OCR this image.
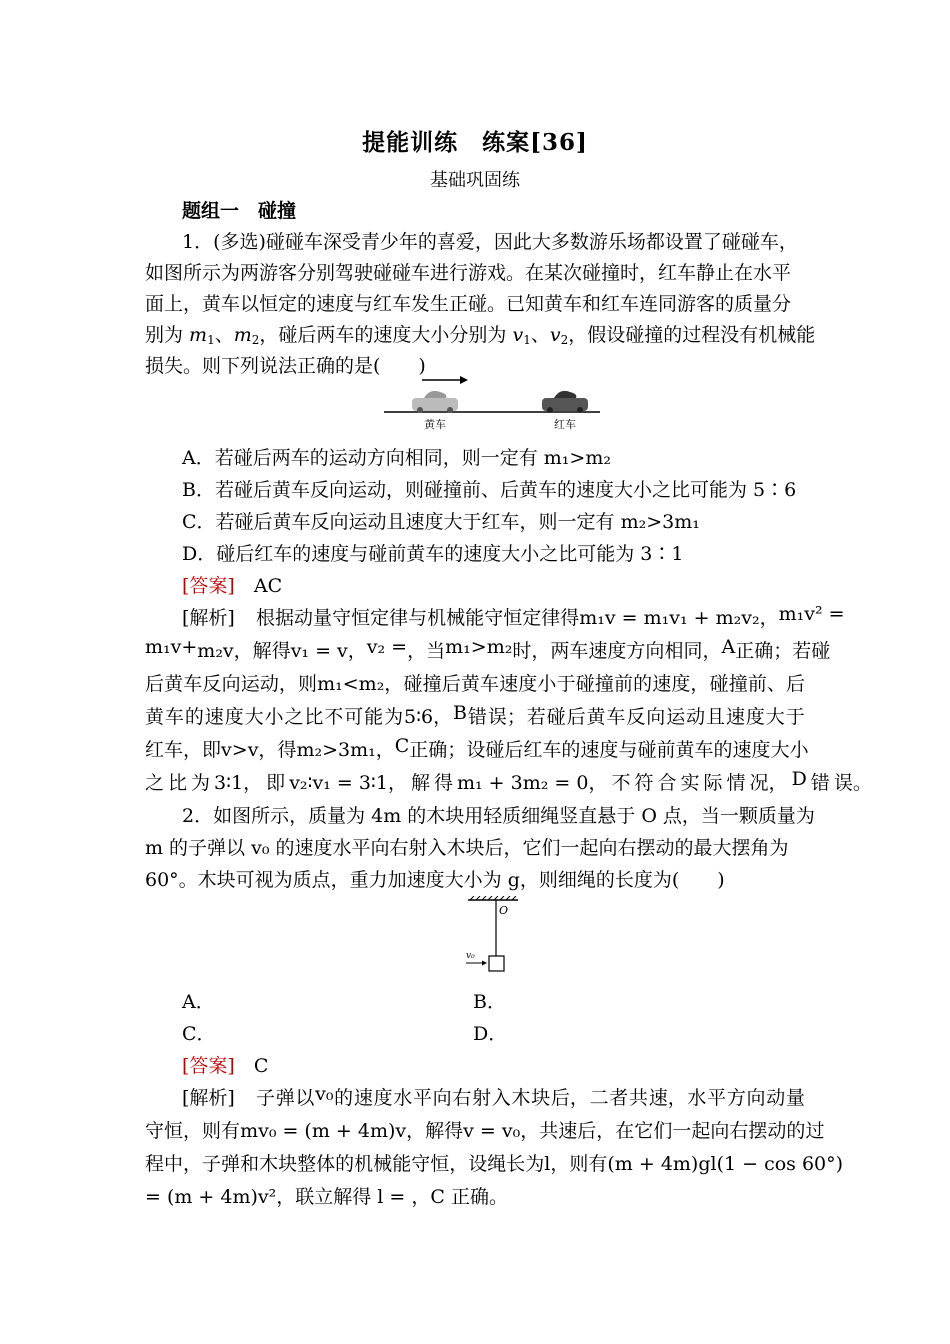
提能训练　练案[36]
基础巩固练
题组一　碰撞
1．(多选)碰碰车深受青少年的喜爱，因此大多数游乐场都设置了碰碰车，
如图所示为两游客分别驾驶碰碰车进行游戏。在某次碰撞时，红车静止在水平
面上，黄车以恒定的速度与红车发生正碰。已知黄车和红车连同游客的质量分
别为 $m_1$、$m_2$，碰后两车的速度大小分别为 $v_1$、$v_2$，假设碰撞的过程没有机械能
损失。则下列说法正确的是(　　)
黄车	红车
A．若碰后两车的运动方向相同，则一定有 m₁>m₂
B．若碰后黄车反向运动，则碰撞前、后黄车的速度大小之比可能为 5∶6
C．若碰后黄车反向运动且速度大于红车，则一定有 m₂>3m₁
D．碰后红车的速度与碰前黄车的速度大小之比可能为 3∶1
[答案]　 AC
[解析] 根 据 动 量 守 恒 定 律 与 机 械 能 守 恒 定 律 得 m₁v = m₁v₁ + m₂v₂， m₁v² =
m₁v + m₂v， 解 得 v₁ = v， v₂ = ， 当 m₁>m₂ 时， 两 车 速 度 方 向 相 同， A 正 确； 若 碰
后 黄 车 反 向 运 动， 则 m₁<m₂， 碰 撞 后 黄 车 速 度 小 于 碰 撞 前 的 速 度， 碰 撞 前、 后
黄 车 的 速 度 大 小 之 比 不 可 能 为 5∶6， B 错 误； 若 碰 后 黄 车 反 向 运 动 且 速 度 大 于
红 车， 即 v>v， 得 m₂>3m₁， C 正 确； 设 碰 后 红 车 的 速 度 与 碰 前 黄 车 的 速 度 大 小
之 比 为 3∶1， 即 v₂∶v₁ = 3∶1， 解 得 m₁ + 3m₂ = 0， 不 符 合 实 际 情 况， D 错 误。
2．如图所示，质量为 4m 的木块用轻质细绳竖直悬于 O 点，当一颗质量为
m 的子弹以 v₀ 的速度水平向右射入木块后，它们一起向右摆动的最大摆角为
60°。木块可视为质点，重力加速度大小为 g，则细绳的长度为(　　)
O
v₀
A．	B．
C．	D．
[答案]　 C
[解析] 子 弹 以 v₀ 的 速 度 水 平 向 右 射 入 木 块 后， 二 者 共 速， 水 平 方 向 动 量
守 恒， 则 有 mv₀ = (m + 4m)v， 解 得 v = v₀， 共 速 后， 在 它 们 一 起 向 右 摆 动 的 过
程 中， 子 弹 和 木 块 整 体 的 机 械 能 守 恒， 设 绳 长 为 l， 则 有(m + 4m)gl(1 − cos 60°)
= (m + 4m)v²，联立解得 l = ，C 正确。
